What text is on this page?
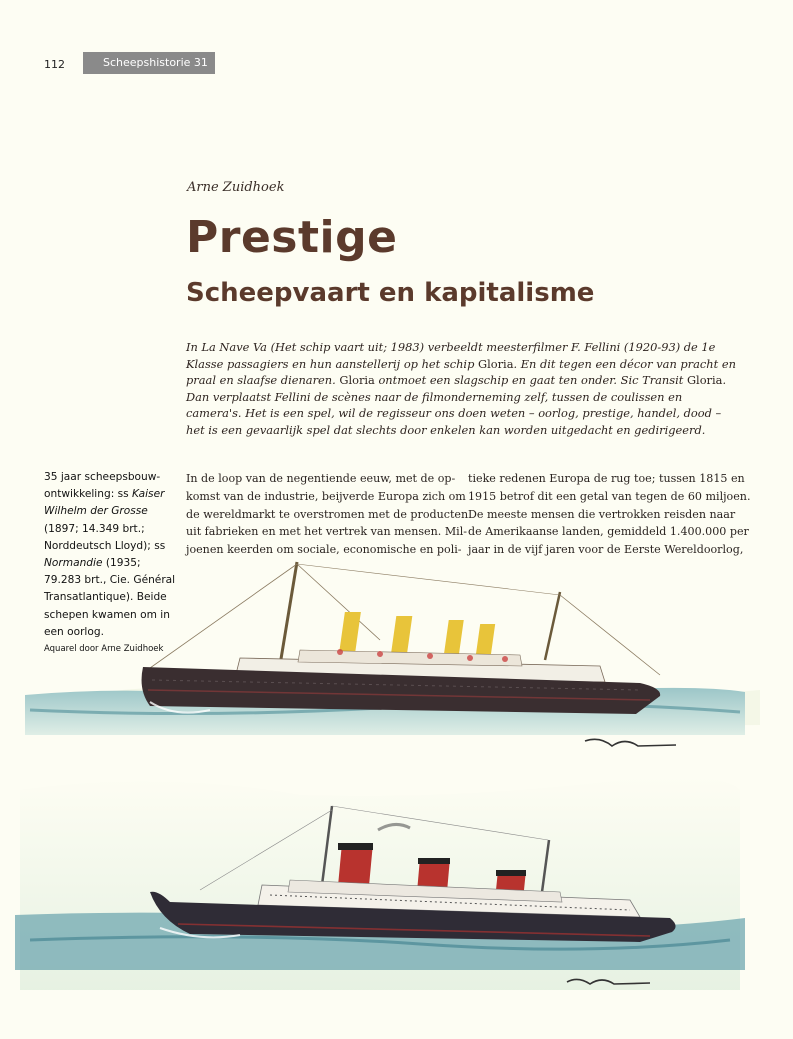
112	Scheepshistorie 31
Arne Zuidhoek
Prestige
Scheepvaart en kapitalisme
In La Nave Va (Het schip vaart uit; 1983) verbeeldt meesterfilmer F. Fellini (1920-93) de 1e Klasse passagiers en hun aanstellerij op het schip Gloria. En dit tegen een décor van pracht en praal en slaafse dienaren. Gloria ontmoet een slagschip en gaat ten onder. Sic Transit Gloria. Dan verplaatst Fellini de scènes naar de filmonderneming zelf, tussen de coulissen en camera's. Het is een spel, wil de regisseur ons doen weten – oorlog, prestige, handel, dood – het is een gevaarlijk spel dat slechts door enkelen kan worden uitgedacht en gedirigeerd.
35 jaar scheepsbouw-ontwikkeling: ss Kaiser Wilhelm der Grosse (1897; 14.349 brt.; Norddeutsch Lloyd); ss Normandie (1935; 79.283 brt., Cie. Général Transatlantique). Beide schepen kwamen om in een oorlog.
Aquarel door Arne Zuidhoek
In de loop van de negentiende eeuw, met de op-
komst van de industrie, beijverde Europa zich om
de wereldmarkt te overstromen met de producten
uit fabrieken en met het vertrek van mensen. Mil-
joenen keerden om sociale, economische en poli-
tieke redenen Europa de rug toe; tussen 1815 en
1915 betrof dit een getal van tegen de 60 miljoen.
De meeste mensen die vertrokken reisden naar
de Amerikaanse landen, gemiddeld 1.400.000 per
jaar in de vijf jaren voor de Eerste Wereldoorlog,
